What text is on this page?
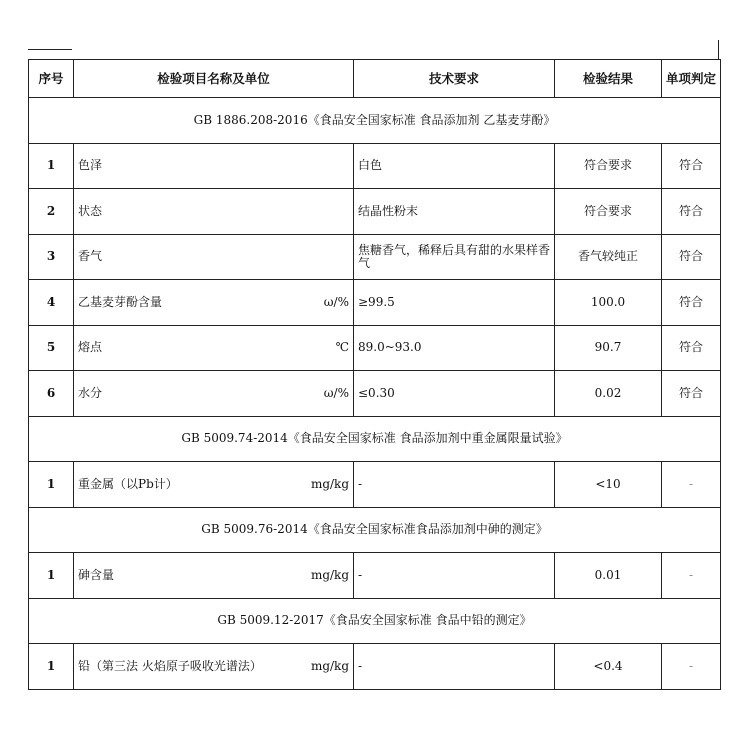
序号	检验项目名称及单位	技术要求	检验结果	单项判定
GB 1886.208-2016《食品安全国家标准 食品添加剂 乙基麦芽酚》				
1	色泽	白色	符合要求	符合
2	状态	结晶性粉末	符合要求	符合
3	香气	焦糖香气，稀释后具有甜的水果样香气	香气较纯正	符合
4	乙基麦芽酚含量 ω/%	≥99.5	100.0	符合
5	熔点 ℃	89.0~93.0	90.7	符合
6	水分 ω/%	≤0.30	0.02	符合
GB 5009.74-2014《食品安全国家标准 食品添加剂中重金属限量试验》				
1	重金属（以Pb计） mg/kg	-	<10	-
GB 5009.76-2014《食品安全国家标准食品添加剂中砷的测定》				
1	砷含量 mg/kg	-	0.01	-
GB 5009.12-2017《食品安全国家标准 食品中铅的测定》				
1	铅（第三法 火焰原子吸收光谱法） mg/kg	-	<0.4	-
